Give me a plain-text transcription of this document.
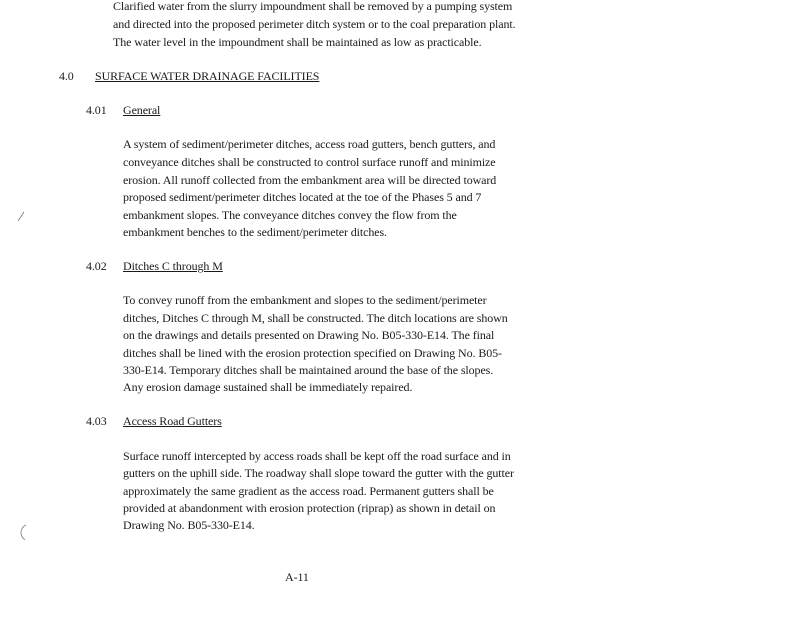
Clarified water from the slurry impoundment shall be removed by a pumping system
and directed into the proposed perimeter ditch system or to the coal preparation plant.
The water level in the impoundment shall be maintained as low as practicable.
4.0 SURFACE WATER DRAINAGE FACILITIES
4.01 General
A system of sediment/perimeter ditches, access road gutters, bench gutters, and
conveyance ditches shall be constructed to control surface runoff and minimize
erosion. All runoff collected from the embankment area will be directed toward
proposed sediment/perimeter ditches located at the toe of the Phases 5 and 7
embankment slopes. The conveyance ditches convey the flow from the
embankment benches to the sediment/perimeter ditches.
4.02 Ditches C through M
To convey runoff from the embankment and slopes to the sediment/perimeter
ditches, Ditches C through M, shall be constructed. The ditch locations are shown
on the drawings and details presented on Drawing No. B05-330-E14. The final
ditches shall be lined with the erosion protection specified on Drawing No. B05-
330-E14. Temporary ditches shall be maintained around the base of the slopes.
Any erosion damage sustained shall be immediately repaired.
4.03 Access Road Gutters
Surface runoff intercepted by access roads shall be kept off the road surface and in
gutters on the uphill side. The roadway shall slope toward the gutter with the gutter
approximately the same gradient as the access road. Permanent gutters shall be
provided at abandonment with erosion protection (riprap) as shown in detail on
Drawing No. B05-330-E14.
A-11
